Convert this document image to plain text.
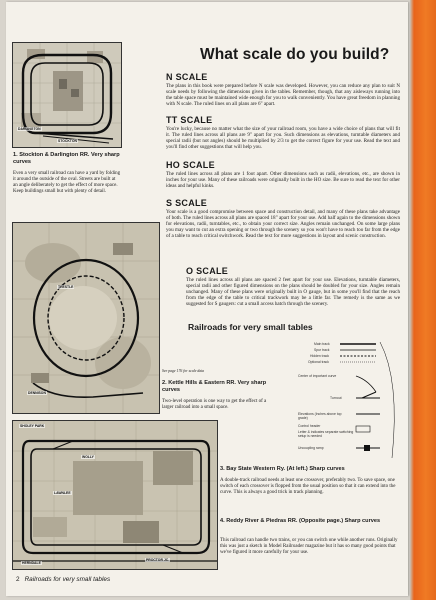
STOCKTON
DARLINGTON
1. Stockton & Darlington RR. Very sharp curves
Even a very small railroad can have a yard by folding it around the outside of the oval. Streets are built at an angle deliberately to get the effect of more space. Keep buildings small but with plenty of detail.
TRESTLE
DENNISON
See page 176 for scale data
2. Kettle Hills & Eastern RR. Very sharp curves
Two-level operation is one way to get the effect of a larger railroad into a small space.
SHOLEY PARK
WOLLY
LAWNLEE
HERNDALE
PROCTOR JC.
What scale do you build?
N SCALE
The plans in this book were prepared before N scale was developed. However, you can reduce any plan to suit N scale needs by following the dimensions given in the tables. Remember, though, that any aisleways running into the table space must be maintained wide enough for you to walk conveniently. You have great freedom in planning with N scale. The ruled lines on all plans are 6" apart.
TT SCALE
You're lucky, because no matter what the size of your railroad room, you have a wide choice of plans that will fit it. The ruled lines across all plans are 9" apart for you. Such dimensions as elevations, turntable diameters and special radii (but not angles) should be multiplied by 2/3 to get the correct figure for your use. Read the text and you'll find other suggestions that will help you.
HO SCALE
The ruled lines across all plans are 1 foot apart. Other dimensions such as radii, elevations, etc., are shown in inches for your use. Many of these railroads were originally built in the HO size. Be sure to read the text for other ideas and helpful kinks.
S SCALE
Your scale is a good compromise between space and construction detail, and many of these plans take advantage of both. The ruled lines across all plans are spaced 18" apart for your use. Add half again to the dimensions shown for elevations, radii, turntables, etc., to obtain your correct size. Angles remain unchanged. On some large plans you may want to cut an extra opening or two through the scenery so you won't have to reach too far from the edge of a table to reach critical switchwork. Read the text for more suggestions in layout and scenic construction.
O SCALE
The ruled lines across all plans are spaced 2 feet apart for your use. Elevations, turntable diameters, special radii and other figured dimensions on the plans should be doubled for your size. Angles remain unchanged. Many of these plans were originally built in O gauge, but in some you'll find that the reach from the edge of the table to critical trackwork may be a little far. The remedy is the same as we suggested for S gaugers: cut a small access hatch through the scenery.
Railroads for very small tables
Main track
Spur track
Hidden track
Optional track
Center of important curve
Turnout
Elevations (Inches above top grade)
Control header
Letter & indicates separate switching setup is needed
Uncoupling ramp
3. Bay State Western Ry. (At left.) Sharp curves
A double-track railroad needs at least one crossover, preferably two. To save space, one switch of each crossover is flopped from the usual position so that it can extend into the curve. This is always a good trick in track planning.
4. Reddy River & Piedras RR. (Opposite page.) Sharp curves
This railroad can handle two trains, or you can switch one while another runs. Originally this was just a sketch in Model Railroader magazine but it has so many good points that we've figured it more carefully for your use.
2 Railroads for very small tables
